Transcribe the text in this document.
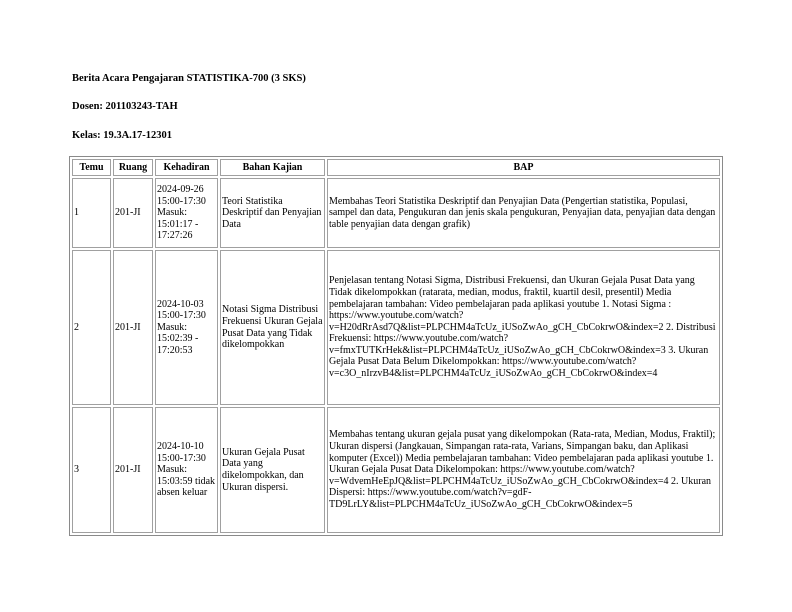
Berita Acara Pengajaran STATISTIKA-700 (3 SKS)
Dosen: 201103243-TAH
Kelas: 19.3A.17-12301
Temu	Ruang	Kehadiran	Bahan Kajian	BAP
1	201-JI	2024-09-26 15:00-17:30 Masuk: 15:01:17 - 17:27:26	Teori Statistika Deskriptif dan Penyajian Data	Membahas Teori Statistika Deskriptif dan Penyajian Data (Pengertian statistika, Populasi, sampel dan data, Pengukuran dan jenis skala pengukuran, Penyajian data, penyajian data dengan table penyajian data dengan grafik)
2	201-JI	2024-10-03 15:00-17:30 Masuk: 15:02:39 - 17:20:53	Notasi Sigma Distribusi Frekuensi Ukuran Gejala Pusat Data yang Tidak dikelompokkan	Penjelasan tentang Notasi Sigma, Distribusi Frekuensi, dan Ukuran Gejala Pusat Data yang Tidak dikelompokkan (rataratа, median, modus, fraktil, kuartil desil, presentil) Media pembelajaran tambahan: Video pembelajaran pada aplikasi youtube 1. Notasi Sigma : https://www.youtube.com/watch?v=H20dRrAsd7Q&list=PLPCHM4aTcUz_iUSoZwAo_gCH_CbCokrwO&index=2 2. Distribusi Frekuensi: https://www.youtube.com/watch?v=fmxTUTKrHek&list=PLPCHM4aTcUz_iUSoZwAo_gCH_CbCokrwO&index=3 3. Ukuran Gejala Pusat Data Belum Dikelompokkan: https://www.youtube.com/watch?v=c3O_nIrzvB4&list=PLPCHM4aTcUz_iUSoZwAo_gCH_CbCokrwO&index=4
3	201-JI	2024-10-10 15:00-17:30 Masuk: 15:03:59 tidak absen keluar	Ukuran Gejala Pusat Data yang dikelompokkan, dan Ukuran dispersi.	Membahas tentang ukuran gejala pusat yang dikelompokan (Rata-rata, Median, Modus, Fraktil); Ukuran dispersi (Jangkauan, Simpangan rata-rata, Varians, Simpangan baku, dan Aplikasi komputer (Excel)) Media pembelajaran tambahan: Video pembelajaran pada aplikasi youtube 1. Ukuran Gejala Pusat Data Dikelompokan: https://www.youtube.com/watch?v=WdvemHeEpJQ&list=PLPCHM4aTcUz_iUSoZwAo_gCH_CbCokrwO&index=4 2. Ukuran Dispersi: https://www.youtube.com/watch?v=gdF-TD9LrLY&list=PLPCHM4aTcUz_iUSoZwAo_gCH_CbCokrwO&index=5
